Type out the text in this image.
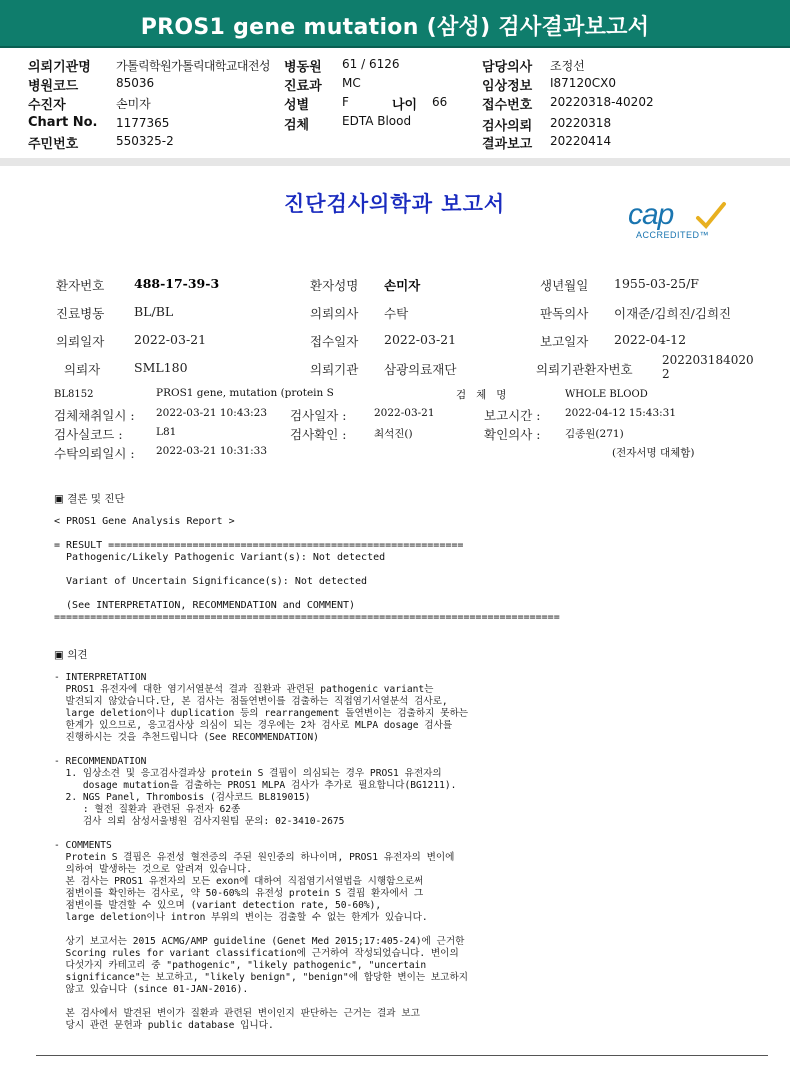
PROS1 gene mutation (삼성) 검사결과보고서
의뢰기관명 가톨릭학원가톨릭대학교대전성 병동원 61 / 6126	담당의사 조정선
병원코드	85036	진료과 MC	임상정보 I87120CX0
수진자	손미자	성별	F	나이 66	접수번호 20220318-40202
Chart No. 1177365	검체	EDTA Blood	검사의뢰 20220318
주민번호	550325-2	결과보고 20220414
진단검사의학과 보고서	cap
ACCREDITED™
환자번호 488-17-39-3	환자성명 손미자	생년월일 1955-03-25/F
진료병동 BL/BL	의뢰의사 수탁	판독의사 이재준/김희진/김희진
의뢰일자 2022-03-21	접수일자 2022-03-21	보고일자 2022-04-12
의뢰자	SML180	의뢰기관 삼광의료재단	의뢰기관환자번호
202203184020
2
BL8152	PROS1 gene, mutation (protein S	검   체   명	WHOLE BLOOD
검체채취일시 : 2022-03-21 10:43:23 검사일자 :	2022-03-21	보고시간 : 2022-04-12 15:43:31
검사실코드 :	L81	검사확인 :	최석진()	확인의사 : 김종원(271)
수탁의뢰일시 : 2022-03-21 10:31:33	(전자서명 대체함)
▣ 결론 및 진단
< PROS1 Gene Analysis Report >

= RESULT ===========================================================
Pathogenic/Likely Pathogenic Variant(s): Not detected

Variant of Uncertain Significance(s): Not detected

(See INTERPRETATION, RECOMMENDATION and COMMENT)
====================================================================================
▣ 의견
- INTERPRETATION
PROS1 유전자에 대한 염기서열분석 결과 질환과 관련된 pathogenic variant는
발견되지 않았습니다.단, 본 검사는 점돌연변이를 검출하는 직접염기서열분석 검사로,
large deletion이나 duplication 등의 rearrangement 돌연변이는 검출하지 못하는
한계가 있으므로, 응고검사상 의심이 되는 경우에는 2차 검사로 MLPA dosage 검사를
진행하시는 것을 추천드립니다 (See RECOMMENDATION)

- RECOMMENDATION
1. 임상소견 및 응고검사결과상 protein S 결핍이 의심되는 경우 PROS1 유전자의
dosage mutation을 검출하는 PROS1 MLPA 검사가 추가로 필요합니다(BG1211).
2. NGS Panel, Thrombosis (검사코드 BL819015)
: 혈전 질환과 관련된 유전자 62종
검사 의뢰 삼성서울병원 검사지원팀 문의: 02-3410-2675

- COMMENTS
Protein S 결핍은 유전성 혈전증의 주된 원인중의 하나이며, PROS1 유전자의 변이에
의하여 발생하는 것으로 알려져 있습니다.
본 검사는 PROS1 유전자의 모든 exon에 대하여 직접염기서열법을 시행함으로써
점변이를 확인하는 검사로, 약 50-60%의 유전성 protein S 결핍 환자에서 그
점변이를 발견할 수 있으며 (variant detection rate, 50-60%),
large deletion이나 intron 부위의 변이는 검출할 수 없는 한계가 있습니다.

상기 보고서는 2015 ACMG/AMP guideline (Genet Med 2015;17:405-24)에 근거한
Scoring rules for variant classification에 근거하여 작성되었습니다. 변이의
다섯가지 카테고리 중 "pathogenic", "likely pathogenic", "uncertain
significance"는 보고하고, "likely benign", "benign"에 합당한 변이는 보고하지
않고 있습니다 (since 01-JAN-2016).

본 검사에서 발견된 변이가 질환과 관련된 변이인지 판단하는 근거는 결과 보고
당시 관련 문헌과 public database 입니다.
